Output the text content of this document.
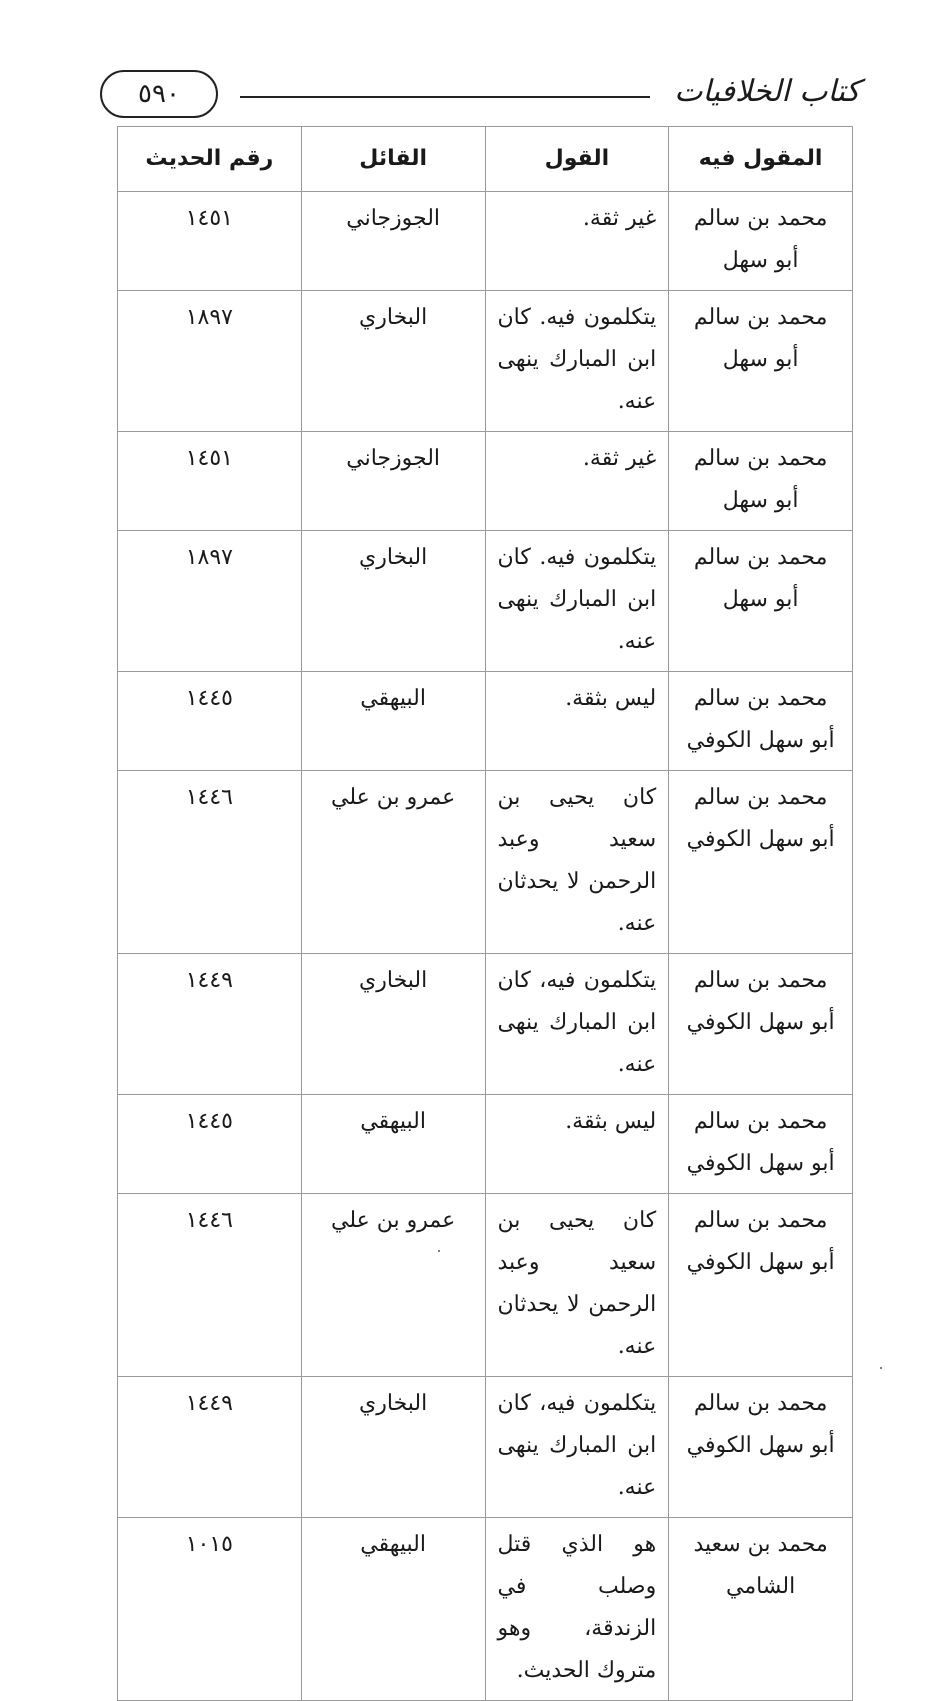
٥٩٠	كتاب الخلافيات
المقول فيه	القول	القائل	رقم الحديث
محمد بن سالم أبو سهل	غير ثقة.	الجوزجاني	١٤٥١
محمد بن سالم أبو سهل	يتكلمون فيه. كان ابن المبارك ينهى عنه.	البخاري	١٨٩٧
محمد بن سالم أبو سهل	غير ثقة.	الجوزجاني	١٤٥١
محمد بن سالم أبو سهل	يتكلمون فيه. كان ابن المبارك ينهى عنه.	البخاري	١٨٩٧
محمد بن سالم أبو سهل الكوفي	ليس بثقة.	البيهقي	١٤٤٥
محمد بن سالم أبو سهل الكوفي	كان يحيى بن سعيد وعبد الرحمن لا يحدثان عنه.	عمرو بن علي	١٤٤٦
محمد بن سالم أبو سهل الكوفي	يتكلمون فيه، كان ابن المبارك ينهى عنه.	البخاري	١٤٤٩
محمد بن سالم أبو سهل الكوفي	ليس بثقة.	البيهقي	١٤٤٥
محمد بن سالم أبو سهل الكوفي	كان يحيى بن سعيد وعبد الرحمن لا يحدثان عنه.	عمرو بن علي	١٤٤٦
محمد بن سالم أبو سهل الكوفي	يتكلمون فيه، كان ابن المبارك ينهى عنه.	البخاري	١٤٤٩
محمد بن سعيد الشامي	هو الذي قتل وصلب في الزندقة، وهو متروك الحديث.	البيهقي	١٠١٥
